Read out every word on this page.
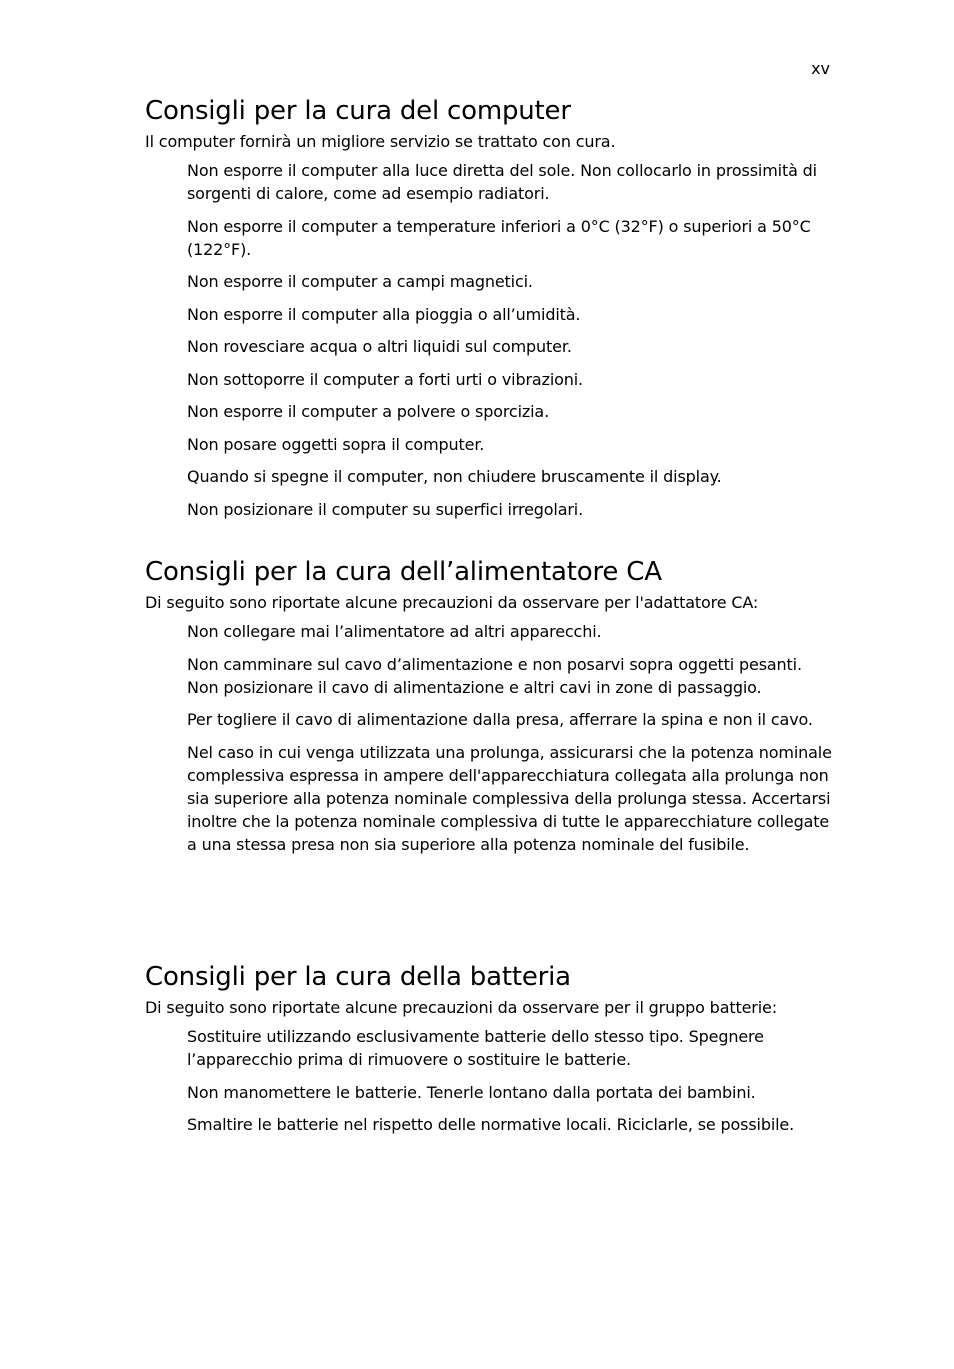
xv
Consigli per la cura del computer

Il computer fornirà un migliore servizio se trattato con cura.

Non esporre il computer alla luce diretta del sole. Non collocarlo in prossimità di sorgenti di calore, come ad esempio radiatori.
Non esporre il computer a temperature inferiori a 0°C (32°F) o superiori a 50°C (122°F).
Non esporre il computer a campi magnetici.
Non esporre il computer alla pioggia o all’umidità.
Non rovesciare acqua o altri liquidi sul computer.
Non sottoporre il computer a forti urti o vibrazioni.
Non esporre il computer a polvere o sporcizia.
Non posare oggetti sopra il computer.
Quando si spegne il computer, non chiudere bruscamente il display.
Non posizionare il computer su superfici irregolari.
Consigli per la cura dell’alimentatore CA

Di seguito sono riportate alcune precauzioni da osservare per l'adattatore CA:

Non collegare mai l’alimentatore ad altri apparecchi.
Non camminare sul cavo d’alimentazione e non posarvi sopra oggetti pesanti. Non posizionare il cavo di alimentazione e altri cavi in zone di passaggio.
Per togliere il cavo di alimentazione dalla presa, afferrare la spina e non il cavo.
Nel caso in cui venga utilizzata una prolunga, assicurarsi che la potenza nominale complessiva espressa in ampere dell'apparecchiatura collegata alla prolunga non sia superiore alla potenza nominale complessiva della prolunga stessa. Accertarsi inoltre che la potenza nominale complessiva di tutte le apparecchiature collegate a una stessa presa non sia superiore alla potenza nominale del fusibile.
Consigli per la cura della batteria

Di seguito sono riportate alcune precauzioni da osservare per il gruppo batterie:

Sostituire utilizzando esclusivamente batterie dello stesso tipo. Spegnere l’apparecchio prima di rimuovere o sostituire le batterie.
Non manomettere le batterie. Tenerle lontano dalla portata dei bambini.
Smaltire le batterie nel rispetto delle normative locali. Riciclarle, se possibile.
